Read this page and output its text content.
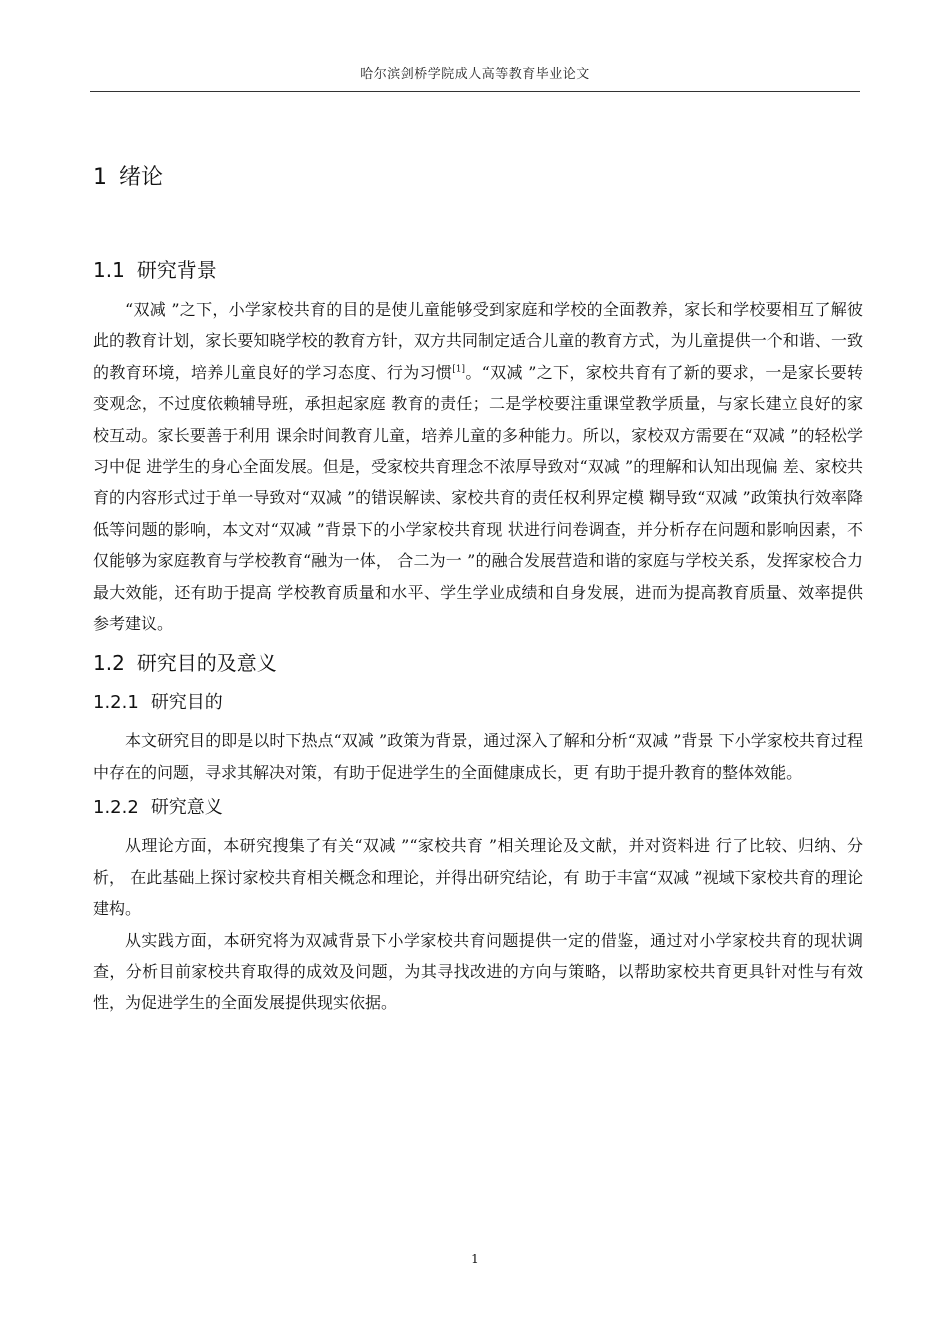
哈尔滨剑桥学院成人高等教育毕业论文
1 绪论
1.1 研究背景

“双减 ”之下，小学家校共育的目的是使儿童能够受到家庭和学校的全面教养，家长和学校要相互了解彼此的教育计划，家长要知晓学校的教育方针，双方共同制定适合儿童的教育方式，为儿童提供一个和谐、一致的教育环境，培养儿童良好的学习态度、行为习惯[1]。“双减 ”之下，家校共育有了新的要求，一是家长要转变观念，不过度依赖辅导班，承担起家庭 教育的责任；二是学校要注重课堂教学质量，与家长建立良好的家校互动。家长要善于利用 课余时间教育儿童，培养儿童的多种能力。所以，家校双方需要在“双减 ”的轻松学习中促 进学生的身心全面发展。但是，受家校共育理念不浓厚导致对“双减 ”的理解和认知出现偏 差、家校共育的内容形式过于单一导致对“双减 ”的错误解读、家校共育的责任权利界定模 糊导致“双减 ”政策执行效率降低等问题的影响，本文对“双减 ”背景下的小学家校共育现 状进行问卷调查，并分析存在问题和影响因素，不仅能够为家庭教育与学校教育“融为一体， 合二为一 ”的融合发展营造和谐的家庭与学校关系，发挥家校合力最大效能，还有助于提高 学校教育质量和水平、学生学业成绩和自身发展，进而为提高教育质量、效率提供参考建议。

1.2 研究目的及意义
1.2.1 研究目的

本文研究目的即是以时下热点“双减 ”政策为背景，通过深入了解和分析“双减 ”背景 下小学家校共育过程中存在的问题，寻求其解决对策，有助于促进学生的全面健康成长，更 有助于提升教育的整体效能。

1.2.2 研究意义

从理论方面，本研究搜集了有关“双减 ”“家校共育 ”相关理论及文献，并对资料进 行了比较、归纳、分析， 在此基础上探讨家校共育相关概念和理论，并得出研究结论，有 助于丰富“双减 ”视域下家校共育的理论建构。

从实践方面，本研究将为双减背景下小学家校共育问题提供一定的借鉴，通过对小学家校共育的现状调查，分析目前家校共育取得的成效及问题，为其寻找改进的方向与策略，以帮助家校共育更具针对性与有效性，为促进学生的全面发展提供现实依据。

1
